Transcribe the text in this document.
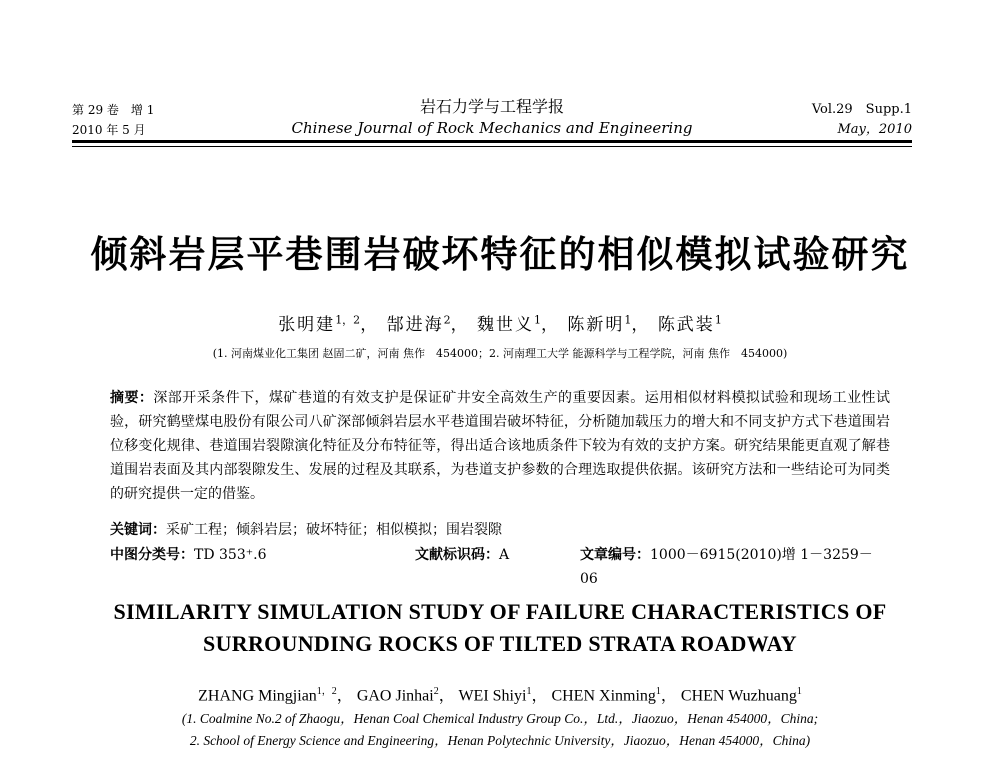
第 29 卷　增 1
2010 年 5 月
岩石力学与工程学报
Chinese Journal of Rock Mechanics and Engineering
Vol.29　Supp.1
May，2010
倾斜岩层平巷围岩破坏特征的相似模拟试验研究
张明建$^{1,2}$， 郜进海$^2$， 魏世义$^1$， 陈新明$^1$， 陈武装$^1$
(1. 河南煤业化工集团 赵固二矿，河南 焦作　454000；2. 河南理工大学 能源科学与工程学院，河南 焦作　454000)
摘要：深部开采条件下，煤矿巷道的有效支护是保证矿井安全高效生产的重要因素。运用相似材料模拟试验和现场工业性试验，研究鹤壁煤电股份有限公司八矿深部倾斜岩层水平巷道围岩破坏特征，分析随加载压力的增大和不同支护方式下巷道围岩位移变化规律、巷道围岩裂隙演化特征及分布特征等，得出适合该地质条件下较为有效的支护方案。研究结果能更直观了解巷道围岩表面及其内部裂隙发生、发展的过程及其联系，为巷道支护参数的合理选取提供依据。该研究方法和一些结论可为同类的研究提供一定的借鉴。
关键词：采矿工程；倾斜岩层；破坏特征；相似模拟；围岩裂隙
中图分类号：TD 353⁺.6	文献标识码：A	文章编号：1000－6915(2010)增 1－3259－06
SIMILARITY SIMULATION STUDY OF FAILURE CHARACTERISTICS OF
SURROUNDING ROCKS OF TILTED STRATA ROADWAY
ZHANG Mingjian$^{1,2}$， GAO Jinhai$^2$， WEI Shiyi$^1$， CHEN Xinming$^1$， CHEN Wuzhuang$^1$
(1. Coalmine No.2 of Zhaogu，Henan Coal Chemical Industry Group Co.，Ltd.，Jiaozuo，Henan 454000，China;
2. School of Energy Science and Engineering，Henan Polytechnic University，Jiaozuo，Henan 454000，China)
